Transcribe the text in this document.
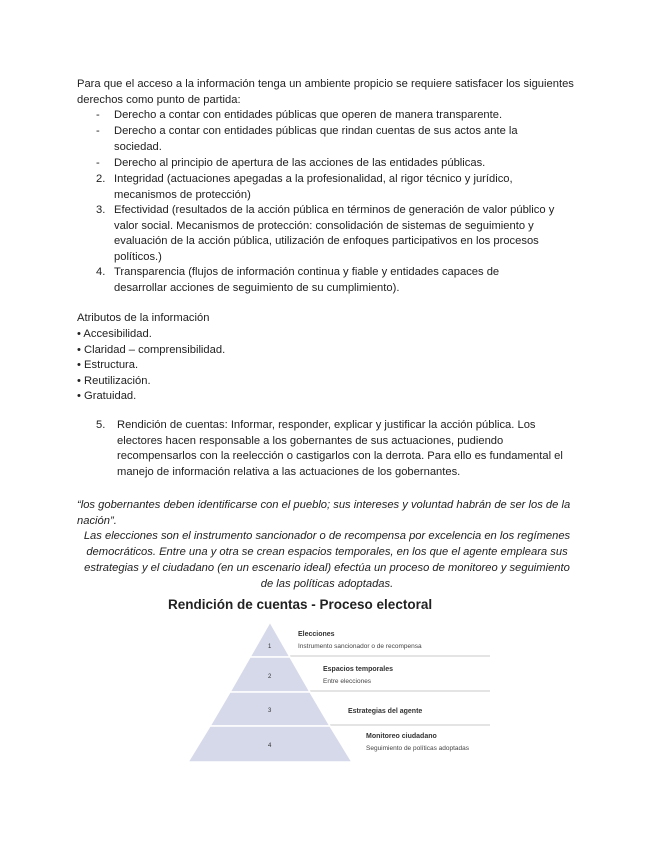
Para que el acceso a la información tenga un ambiente propicio se requiere satisfacer los siguientes derechos como punto de partida:
- Derecho a contar con entidades públicas que operen de manera transparente.
- Derecho a contar con entidades públicas que rindan cuentas de sus actos ante la sociedad.
- Derecho al principio de apertura de las acciones de las entidades públicas.
2. Integridad (actuaciones apegadas a la profesionalidad, al rigor técnico y jurídico, mecanismos de protección)
3. Efectividad (resultados de la acción pública en términos de generación de valor público y valor social. Mecanismos de protección: consolidación de sistemas de seguimiento y evaluación de la acción pública, utilización de enfoques participativos en los procesos políticos.)
4. Transparencia (flujos de información continua y fiable y entidades capaces de desarrollar acciones de seguimiento de su cumplimiento).
Atributos de la información
• Accesibilidad.
• Claridad – comprensibilidad.
• Estructura.
• Reutilización.
• Gratuidad.
5. Rendición de cuentas: Informar, responder, explicar y justificar la acción pública. Los electores hacen responsable a los gobernantes de sus actuaciones, pudiendo recompensarlos con la reelección o castigarlos con la derrota. Para ello es fundamental el manejo de información relativa a las actuaciones de los gobernantes.
“los gobernantes deben identificarse con el pueblo; sus intereses y voluntad habrán de ser los de la nación”.
Las elecciones son el instrumento sancionador o de recompensa por excelencia en los regímenes democráticos. Entre una y otra se crean espacios temporales, en los que el agente empleara sus estrategias y el ciudadano (en un escenario ideal) efectúa un proceso de monitoreo y seguimiento de las políticas adoptadas.
Rendición de cuentas - Proceso electoral
1
2
3
4
Elecciones
Instrumento sancionador o de recompensa
Espacios temporales
Entre elecciones
Estrategias del agente
Monitoreo ciudadano
Seguimiento de políticas adoptadas
